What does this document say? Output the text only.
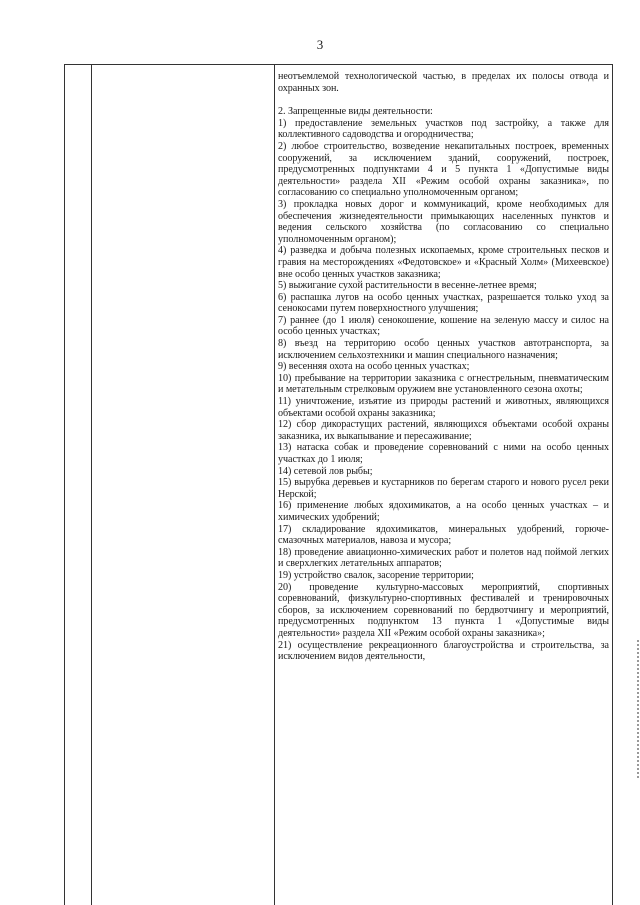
3

неотъемлемой технологической частью, в пределах их полосы отвода и охранных зон.

2. Запрещенные виды деятельности:

1) предоставление земельных участков под застройку, а также для коллективного садоводства и огородничества;

2) любое строительство, возведение некапитальных построек, временных сооружений, за исключением зданий, сооружений, построек, предусмотренных подпунктами 4 и 5 пункта 1 «Допустимые виды деятельности» раздела XII «Режим особой охраны заказника», по согласованию со специально уполномоченным органом;

3) прокладка новых дорог и коммуникаций, кроме необходимых для обеспечения жизнедеятельности примыкающих населенных пунктов и ведения сельского хозяйства (по согласованию со специально уполномоченным органом);

4) разведка и добыча полезных ископаемых, кроме строительных песков и гравия на месторождениях «Федотовское» и «Красный Холм» (Михеевское) вне особо ценных участков заказника;

5) выжигание сухой растительности в весенне-летнее время;

6) распашка лугов на особо ценных участках, разрешается только уход за сенокосами путем поверхностного улучшения;

7) раннее (до 1 июля) сенокошение, кошение на зеленую массу и силос на особо ценных участках;

8) въезд на территорию особо ценных участков автотранспорта, за исключением сельхозтехники и машин специального назначения;

9) весенняя охота на особо ценных участках;

10) пребывание на территории заказника с огнестрельным, пневматическим и метательным стрелковым оружием вне установленного сезона охоты;

11) уничтожение, изъятие из природы растений и животных, являющихся объектами особой охраны заказника;

12) сбор дикорастущих растений, являющихся объектами особой охраны заказника, их выкапывание и пересаживание;

13) натаска собак и проведение соревнований с ними на особо ценных участках до 1 июля;

14) сетевой лов рыбы;

15) вырубка деревьев и кустарников по берегам старого и нового русел реки Нерской;

16) применение любых ядохимикатов, а на особо ценных участках – и химических удобрений;

17) складирование ядохимикатов, минеральных удобрений, горюче-смазочных материалов, навоза и мусора;

18) проведение авиационно-химических работ и полетов над поймой легких и сверхлегких летательных аппаратов;

19) устройство свалок, засорение территории;

20) проведение культурно-массовых мероприятий, спортивных соревнований, физкультурно-спортивных фестивалей и тренировочных сборов, за исключением соревнований по бердвотчингу и мероприятий, предусмотренных подпунктом 13 пункта 1 «Допустимые виды деятельности» раздела XII «Режим особой охраны заказника»;

21) осуществление рекреационного благоустройства и строительства, за исключением видов деятельности,
